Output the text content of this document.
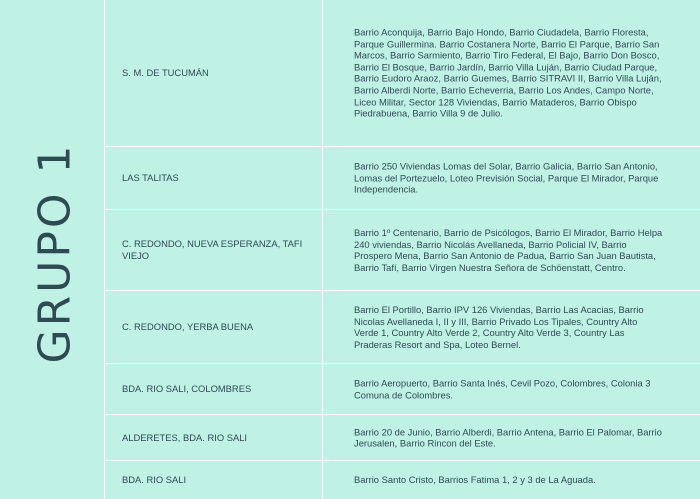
GRUPO 1
S. M. DE TUCUMÁN
Barrio Aconquija, Barrio Bajo Hondo, Barrio Ciudadela, Barrio Floresta, Parque Guillermina. Barrio Costanera Norte, Barrio El Parque, Barrio San Marcos, Barrio Sarmiento, Barrio Tiro Federal, El Bajo, Barrio Don Bosco, Barrio El Bosque, Barrio Jardín, Barrio Villa Luján, Barrio Ciudad Parque, Barrio Eudoro Araoz, Barrio Guemes, Barrio SITRAVI II, Barrio Villa Luján, Barrio Alberdi Norte, Barrio Echeverria, Barrio Los Andes, Campo Norte, Liceo Militar, Sector 128 Viviendas, Barrio Mataderos, Barrio Obispo Piedrabuena, Barrio Villa 9 de Julio.
LAS TALITAS
Barrio 250 Viviendas Lomas del Solar, Barrio Galicia, Barrio San Antonio, Lomas del Portezuelo, Loteo Previsión Social, Parque El Mirador, Parque Independencia.
C. REDONDO, NUEVA ESPERANZA, TAFI VIEJO
Barrio 1º Centenario, Barrio de Psicólogos, Barrio El Mirador, Barrio Helpa 240 viviendas, Barrio Nicolás Avellaneda, Barrio Policial IV, Barrio Prospero Mena, Barrio San Antonio de Padua, Barrio San Juan Bautista, Barrio Tafí, Barrio Virgen Nuestra Señora de Schöenstatt, Centro.
C. REDONDO, YERBA BUENA
Barrio El Portillo, Barrio IPV 126 Viviendas, Barrio Las Acacias, Barrio Nicolas Avellaneda I, II y III, Barrio Privado Los Tipales, Country Alto Verde 1, Country Alto Verde 2, Country Alto Verde 3, Country Las Praderas Resort and Spa, Loteo Bernel.
BDA. RIO SALI, COLOMBRES
Barrio Aeropuerto, Barrio Santa Inés, Cevil Pozo, Colombres, Colonia 3 Comuna de Colombres.
ALDERETES, BDA. RIO SALI
Barrio 20 de Junio, Barrio Alberdi, Barrio Antena, Barrio El Palomar, Barrio Jerusalen, Barrio Rincon del Este.
BDA. RIO SALI	Barrio Santo Cristo, Barrios Fatima 1, 2 y 3 de La Aguada.
